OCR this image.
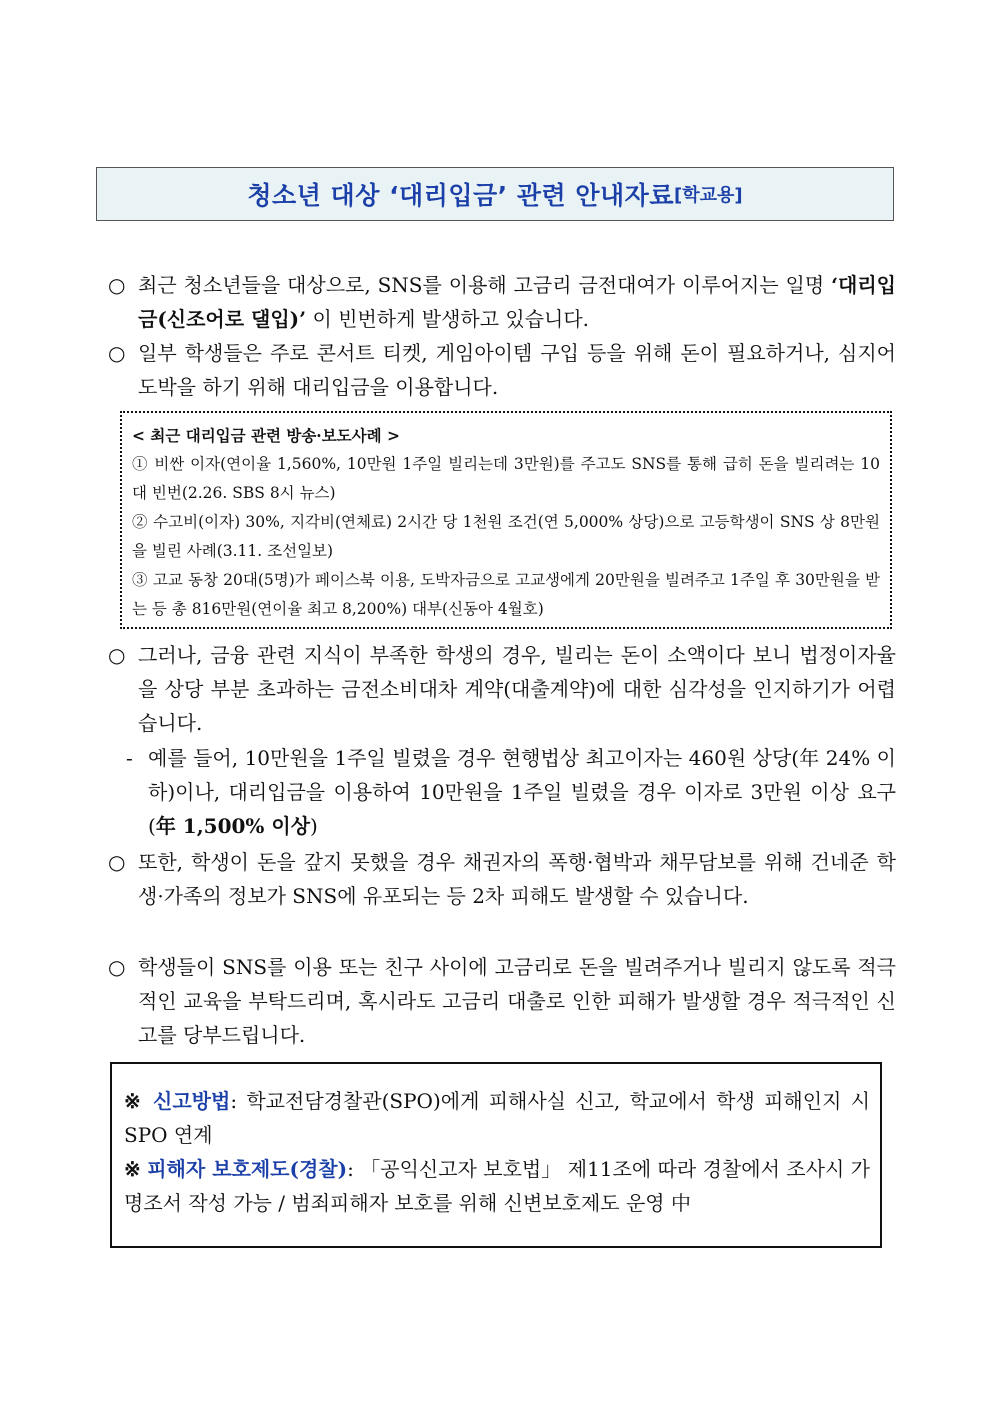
청소년 대상 ‘대리입금’ 관련 안내자료 [학교용]
○ 최근 청소년들을 대상으로, SNS를 이용해 고금리 금전대여가 이루어지는 일명 ‘대리입금(신조어로 댈입)’ 이 빈번하게 발생하고 있습니다.
○ 일부 학생들은 주로 콘서트 티켓, 게임아이템 구입 등을 위해 돈이 필요하거나, 심지어 도박을 하기 위해 대리입금을 이용합니다.
< 최근 대리입금 관련 방송·보도사례 >
① 비싼 이자(연이율 1,560%, 10만원 1주일 빌리는데 3만원)를 주고도 SNS를 통해 급히 돈을 빌리려는 10대 빈번(2.26. SBS 8시 뉴스)
② 수고비(이자) 30%, 지각비(연체료) 2시간 당 1천원 조건(연 5,000% 상당)으로 고등학생이 SNS 상 8만원을 빌린 사례(3.11. 조선일보)
③ 고교 동창 20대(5명)가 페이스북 이용, 도박자금으로 고교생에게 20만원을 빌려주고 1주일 후 30만원을 받는 등 총 816만원(연이율 최고 8,200%) 대부(신동아 4월호)
○ 그러나, 금융 관련 지식이 부족한 학생의 경우, 빌리는 돈이 소액이다 보니 법정이자율을 상당 부분 초과하는 금전소비대차 계약(대출계약)에 대한 심각성을 인지하기가 어렵습니다.
- 예를 들어, 10만원을 1주일 빌렸을 경우 현행법상 최고이자는 460원 상당(年 24% 이하)이나, 대리입금을 이용하여 10만원을 1주일 빌렸을 경우 이자로 3만원 이상 요구(年 1,500% 이상)
○ 또한, 학생이 돈을 갚지 못했을 경우 채권자의 폭행·협박과 채무담보를 위해 건네준 학생·가족의 정보가 SNS에 유포되는 등 2차 피해도 발생할 수 있습니다.
○ 학생들이 SNS를 이용 또는 친구 사이에 고금리로 돈을 빌려주거나 빌리지 않도록 적극적인 교육을 부탁드리며, 혹시라도 고금리 대출로 인한 피해가 발생할 경우 적극적인 신고를 당부드립니다.
※ 신고방법: 학교전담경찰관(SPO)에게 피해사실 신고, 학교에서 학생 피해인지 시 SPO 연계
※ 피해자 보호제도(경찰): 「공익신고자 보호법」 제11조에 따라 경찰에서 조사시 가명조서 작성 가능 / 범죄피해자 보호를 위해 신변보호제도 운영 中
